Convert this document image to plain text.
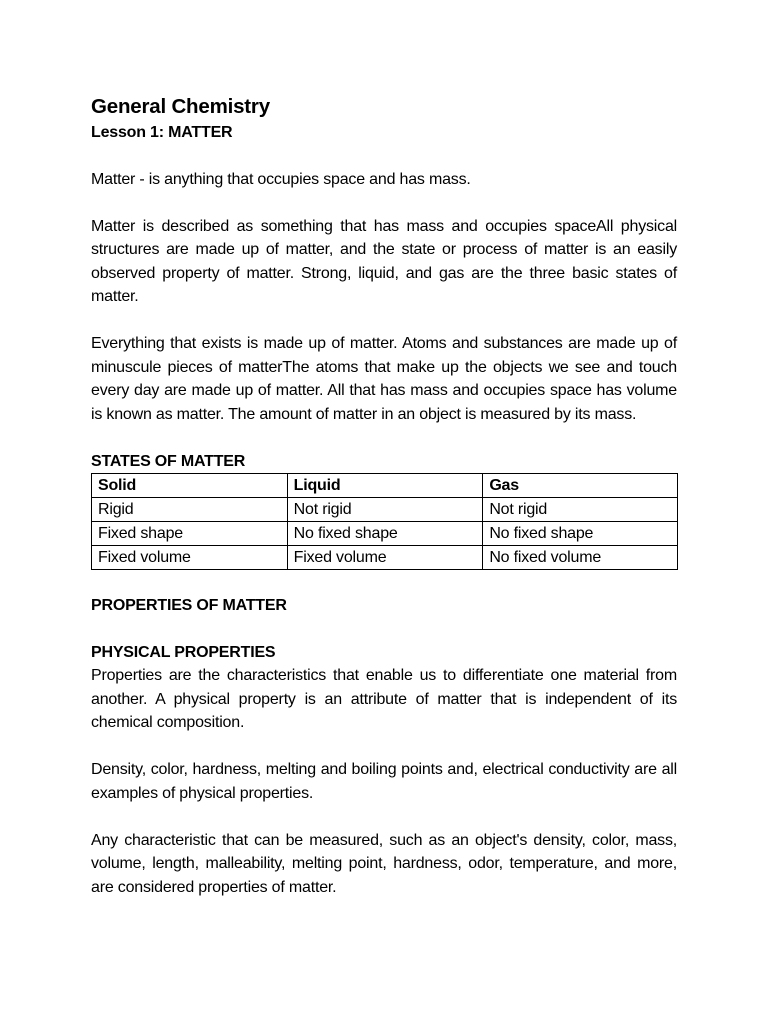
General Chemistry
Lesson 1: MATTER

Matter - is anything that occupies space and has mass.

Matter is described as something that has mass and occupies spaceAll physical structures are made up of matter, and the state or process of matter is an easily observed property of matter. Strong, liquid, and gas are the three basic states of matter.

Everything that exists is made up of matter. Atoms and substances are made up of minuscule pieces of matterThe atoms that make up the objects we see and touch every day are made up of matter. All that has mass and occupies space has volume is known as matter. The amount of matter in an object is measured by its mass.

STATES OF MATTER
Solid	Liquid	Gas
Rigid	Not rigid	Not rigid
Fixed shape	No fixed shape	No fixed shape
Fixed volume	Fixed volume	No fixed volume
PROPERTIES OF MATTER
PHYSICAL PROPERTIES

Properties are the characteristics that enable us to differentiate one material from another. A physical property is an attribute of matter that is independent of its chemical composition.

Density, color, hardness, melting and boiling points and, electrical conductivity are all examples of physical properties.

Any characteristic that can be measured, such as an object's density, color, mass, volume, length, malleability, melting point, hardness, odor, temperature, and more, are considered properties of matter.
